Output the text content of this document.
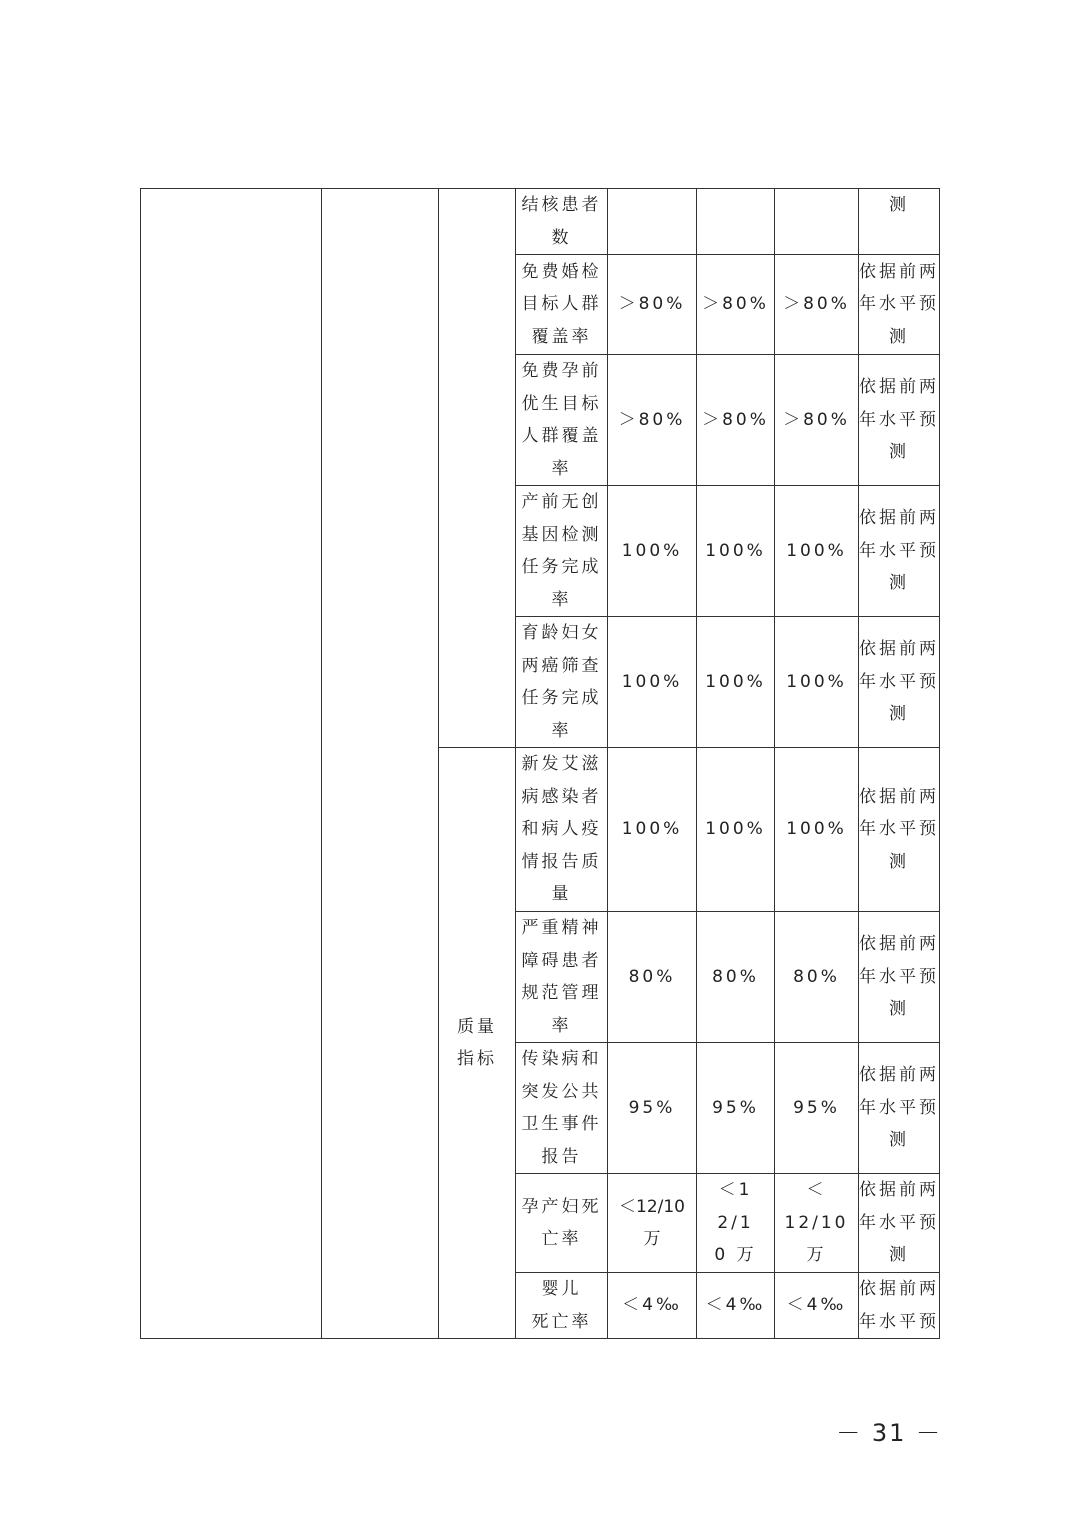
			结核患者
数				测

			免费婚检
目标人群
覆盖率	＞80%	＞80%	＞80%	依据前两
年水平预
测

			免费孕前
优生目标
人群覆盖
率	＞80%	＞80%	＞80%	依据前两
年水平预
测

			产前无创
基因检测
任务完成
率	100%	100%	100%	依据前两
年水平预
测

			育龄妇女
两癌筛查
任务完成
率	100%	100%	100%	依据前两
年水平预
测

		质量
指标	新发艾滋
病感染者
和病人疫
情报告质
量	100%	100%	100%	依据前两
年水平预
测

			严重精神
障碍患者
规范管理
率	80%	80%	80%	依据前两
年水平预
测

			传染病和
突发公共
卫生事件
报告	95%	95%	95%	依据前两
年水平预
测

			孕产妇死
亡率	＜12/10 万	＜12/10 万	＜12/10 万	依据前两
年水平预
测

			婴儿
死亡率	＜4‰	＜4‰	＜4‰	依据前两
年水平预
－ 31 －
